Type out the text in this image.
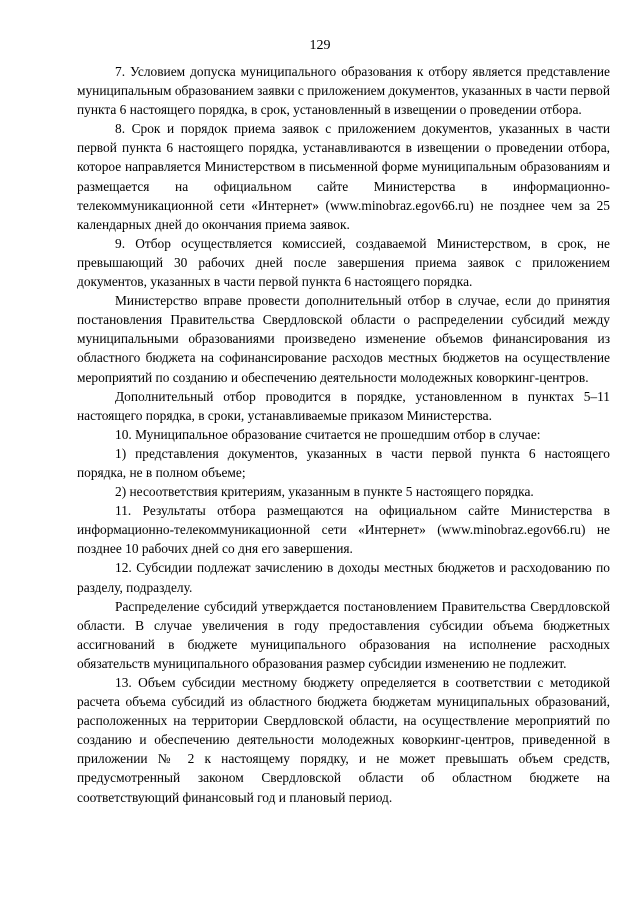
129

7. Условием допуска муниципального образования к отбору является представление муниципальным образованием заявки с приложением документов, указанных в части первой пункта 6 настоящего порядка, в срок, установленный в извещении о проведении отбора.

8. Срок и порядок приема заявок с приложением документов, указанных в части первой пункта 6 настоящего порядка, устанавливаются в извещении о проведении отбора, которое направляется Министерством в письменной форме муниципальным образованиям и размещается на официальном сайте Министерства в информационно-телекоммуникационной сети «Интернет» (www.minobraz.egov66.ru) не позднее чем за 25 календарных дней до окончания приема заявок.

9. Отбор осуществляется комиссией, создаваемой Министерством, в срок, не превышающий 30 рабочих дней после завершения приема заявок с приложением документов, указанных в части первой пункта 6 настоящего порядка.

Министерство вправе провести дополнительный отбор в случае, если до принятия постановления Правительства Свердловской области о распределении субсидий между муниципальными образованиями произведено изменение объемов финансирования из областного бюджета на софинансирование расходов местных бюджетов на осуществление мероприятий по созданию и обеспечению деятельности молодежных коворкинг-центров.

Дополнительный отбор проводится в порядке, установленном в пунктах 5–11 настоящего порядка, в сроки, устанавливаемые приказом Министерства.

10. Муниципальное образование считается не прошедшим отбор в случае:

1) представления документов, указанных в части первой пункта 6 настоящего порядка, не в полном объеме;

2) несоответствия критериям, указанным в пункте 5 настоящего порядка.

11. Результаты отбора размещаются на официальном сайте Министерства в информационно-телекоммуникационной сети «Интернет» (www.minobraz.egov66.ru) не позднее 10 рабочих дней со дня его завершения.

12. Субсидии подлежат зачислению в доходы местных бюджетов и расходованию по разделу, подразделу.

Распределение субсидий утверждается постановлением Правительства Свердловской области. В случае увеличения в году предоставления субсидии объема бюджетных ассигнований в бюджете муниципального образования на исполнение расходных обязательств муниципального образования размер субсидии изменению не подлежит.

13. Объем субсидии местному бюджету определяется в соответствии с методикой расчета объема субсидий из областного бюджета бюджетам муниципальных образований, расположенных на территории Свердловской области, на осуществление мероприятий по созданию и обеспечению деятельности молодежных коворкинг-центров, приведенной в приложении № 2 к настоящему порядку, и не может превышать объем средств, предусмотренный законом Свердловской области об областном бюджете на соответствующий финансовый год и плановый период.
